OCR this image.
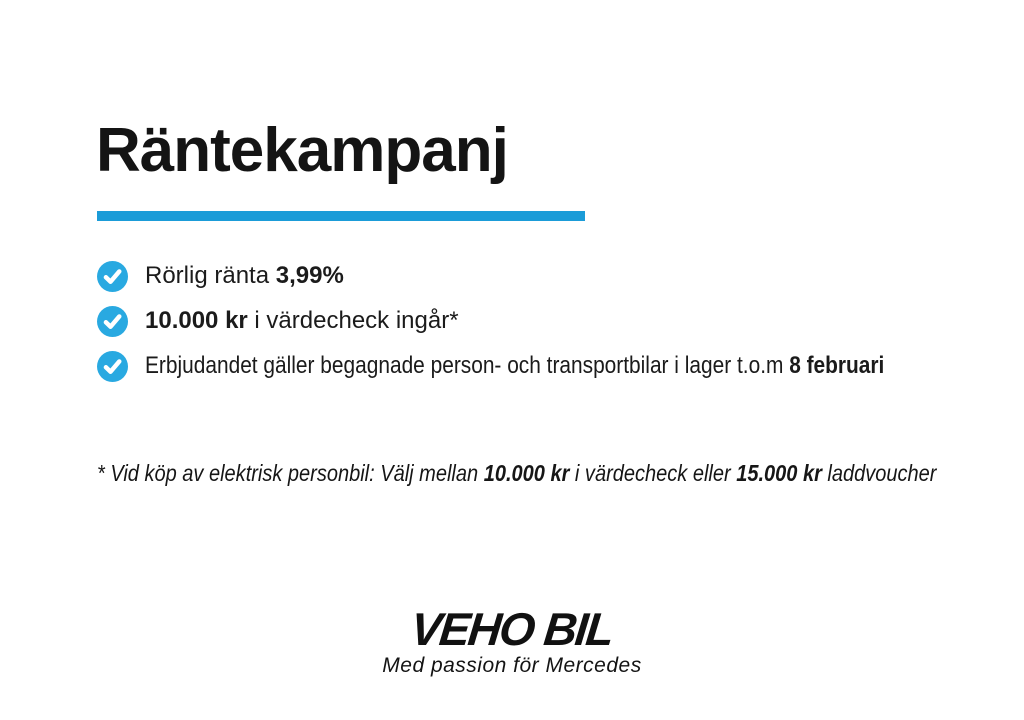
Räntekampanj
Rörlig ränta 3,99%
10.000 kr i värdecheck ingår*
Erbjudandet gäller begagnade person- och transportbilar i lager t.o.m 8 februari
* Vid köp av elektrisk personbil: Välj mellan 10.000 kr i värdecheck eller 15.000 kr laddvoucher

VEHO BIL

Med passion för Mercedes
